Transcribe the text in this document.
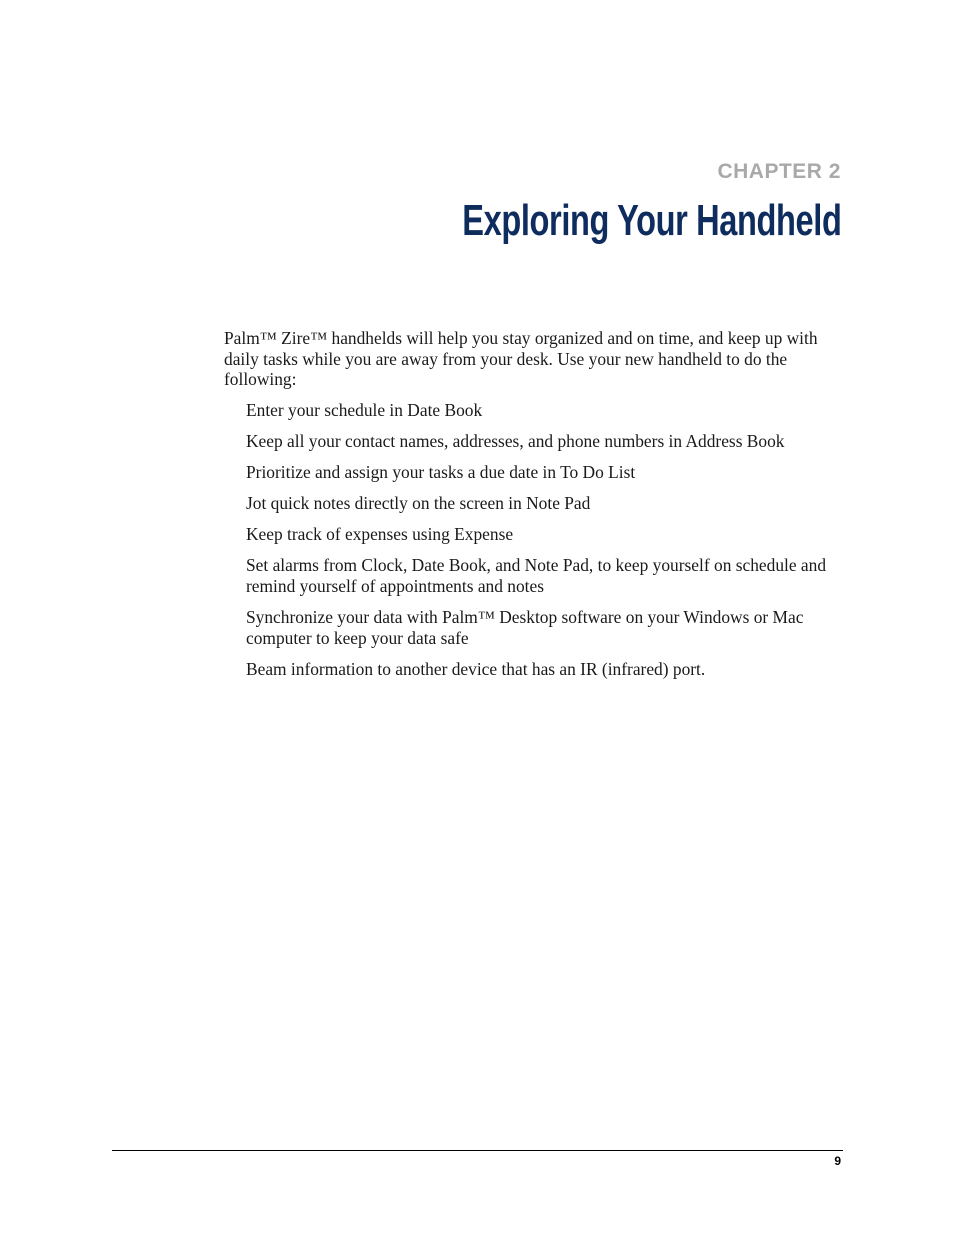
CHAPTER 2
Exploring Your Handheld

Palm™ Zire™ handhelds will help you stay organized and on time, and keep up with daily tasks while you are away from your desk. Use your new handheld to do the following:

Enter your schedule in Date Book
Keep all your contact names, addresses, and phone numbers in Address Book
Prioritize and assign your tasks a due date in To Do List
Jot quick notes directly on the screen in Note Pad
Keep track of expenses using Expense
Set alarms from Clock, Date Book, and Note Pad, to keep yourself on schedule and remind yourself of appointments and notes
Synchronize your data with Palm™ Desktop software on your Windows or Mac computer to keep your data safe
Beam information to another device that has an IR (infrared) port.
9
